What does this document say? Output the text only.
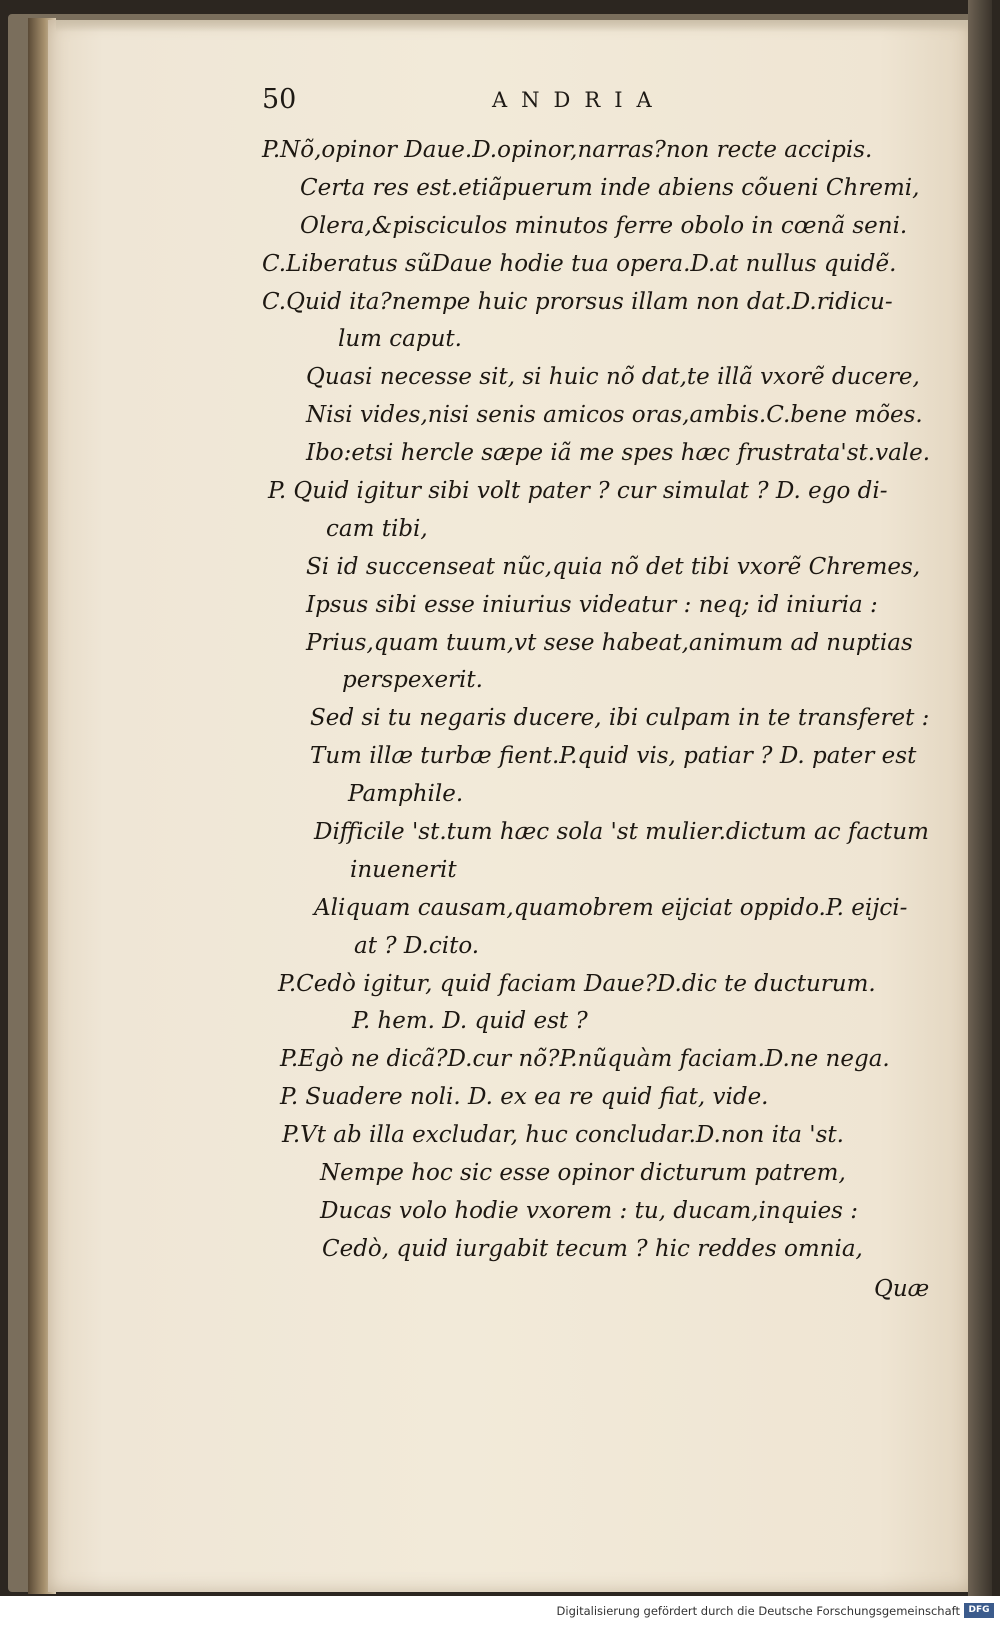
50	ANDRIA
P.Nõ,opinor Daue.D.opinor,narras?non recte accipis.
Certa res est.etiãpuerum inde abiens cõueni Chremi,
Olera,&pisciculos minutos ferre obolo in cœnã seni.
C.Liberatus sũDaue hodie tua opera.D.at nullus quidẽ.
C.Quid ita?nempe huic prorsus illam non dat.D.ridicu-
lum caput.
Quasi necesse sit, si huic nõ dat,te illã vxorẽ ducere,
Nisi vides,nisi senis amicos oras,ambis.C.bene mões.
Ibo:etsi hercle sæpe iã me spes hæc frustrata'st.vale.
P. Quid igitur sibi volt pater ? cur simulat ? D. ego di-
cam tibi,
Si id succenseat nũc,quia nõ det tibi vxorẽ Chremes,
Ipsus sibi esse iniurius videatur : neq; id iniuria :
Prius,quam tuum,vt sese habeat,animum ad nuptias
perspexerit.
Sed si tu negaris ducere, ibi culpam in te transferet :
Tum illæ turbæ fient.P.quid vis, patiar ? D. pater est
Pamphile.
Difficile 'st.tum hæc sola 'st mulier.dictum ac factum
inuenerit
Aliquam causam,quamobrem eijciat oppido.P. eijci-
at ? D.cito.
P.Cedò igitur, quid faciam Daue?D.dic te ducturum.
P. hem. D. quid est ?
P.Egò ne dicã?D.cur nõ?P.nũquàm faciam.D.ne nega.
P. Suadere noli. D. ex ea re quid fiat, vide.
P.Vt ab illa excludar, huc concludar.D.non ita 'st.
Nempe hoc sic esse opinor dicturum patrem,
Ducas volo hodie vxorem : tu, ducam,inquies :
Cedò, quid iurgabit tecum ? hic reddes omnia,
Quæ
Digitalisierung gefördert durch die Deutsche Forschungsgemeinschaft DFG
